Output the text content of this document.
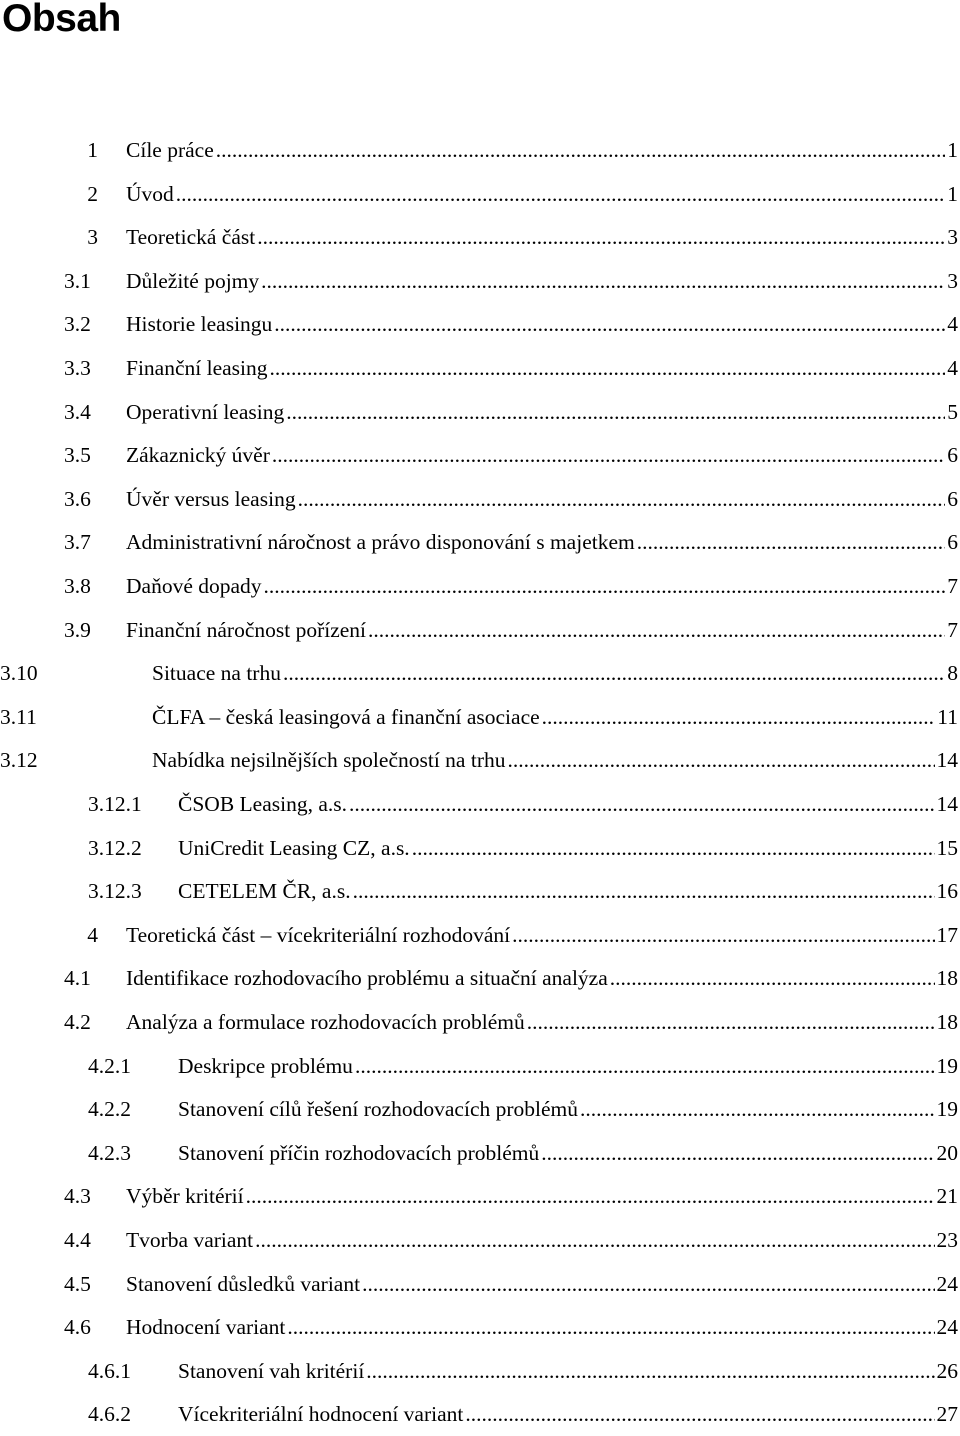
Obsah
1 Cíle práce .....	1
2 Úvod .....	1
3 Teoretická část .....	3
3.1 Důležité pojmy .....	3
3.2 Historie leasingu .....	4
3.3 Finanční leasing .....	4
3.4 Operativní leasing .....	5
3.5 Zákaznický úvěr .....	6
3.6 Úvěr versus leasing .....	6
3.7 Administrativní náročnost a právo disponování s majetkem .....	6
3.8 Daňové dopady .....	7
3.9 Finanční náročnost pořízení .....	7
3.10	Situace na trhu .....	8
3.11	ČLFA – česká leasingová a finanční asociace .....	11
3.12	Nabídka nejsilnějších společností na trhu .....	14
3.12.1 ČSOB Leasing, a.s. .....	14
3.12.2 UniCredit Leasing CZ, a.s. .....	15
3.12.3 CETELEM ČR, a.s. .....	16
4 Teoretická část – vícekriteriální rozhodování .....	17
4.1 Identifikace rozhodovacího problému a situační analýza .....	18
4.2 Analýza a formulace rozhodovacích problémů .....	18
4.2.1 Deskripce problému .....	19
4.2.2 Stanovení cílů řešení rozhodovacích problémů .....	19
4.2.3 Stanovení příčin rozhodovacích problémů .....	20
4.3 Výběr kritérií .....	21
4.4 Tvorba variant .....	23
4.5 Stanovení důsledků variant .....	24
4.6 Hodnocení variant .....	24
4.6.1 Stanovení vah kritérií .....	26
4.6.2 Vícekriteriální hodnocení variant .....	27
